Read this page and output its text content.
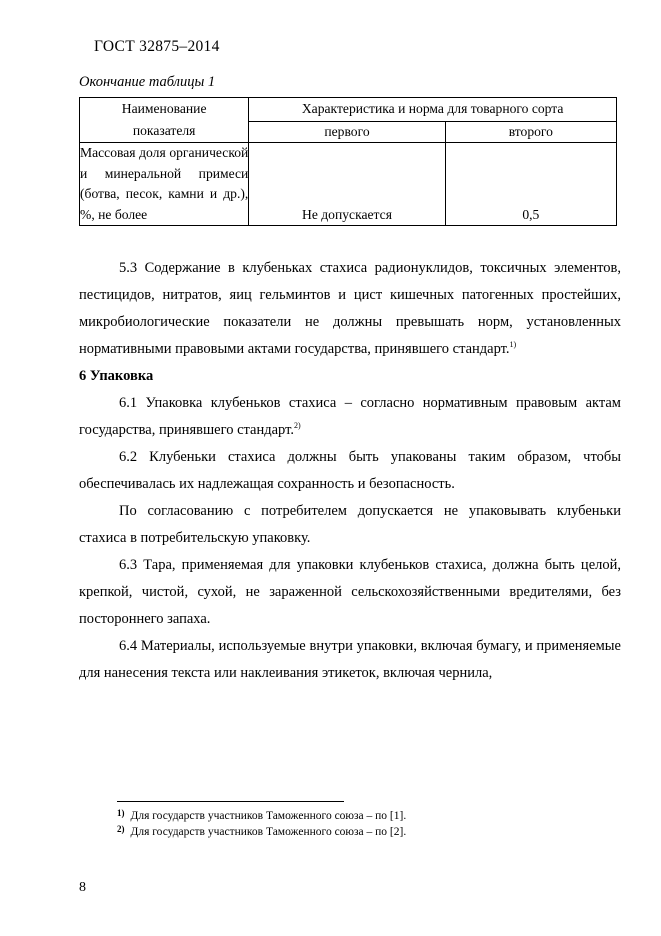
ГОСТ 32875–2014
Окончание таблицы 1
Наименование
показателя	Характеристика и норма для товарного сорта	
	первого	второго
Массовая доля органической и минеральной примеси (ботва, песок, камни и др.), %, не более	Не допускается	0,5

5.3 Содержание в клубеньках стахиса радионуклидов, токсичных элементов, пестицидов, нитратов, яиц гельминтов и цист кишечных патогенных простейших, микробиологические показатели не должны превышать норм, установленных нормативными правовыми актами государства, принявшего стандарт.$^{1)}$

6 Упаковка

6.1 Упаковка клубеньков стахиса – согласно нормативным правовым актам государства, принявшего стандарт.$^{2)}$

6.2 Клубеньки стахиса должны быть упакованы таким образом, чтобы обеспечивалась их надлежащая сохранность и безопасность.

По согласованию с потребителем допускается не упаковывать клубеньки стахиса в потребительскую упаковку.

6.3 Тара, применяемая для упаковки клубеньков стахиса, должна быть целой, крепкой, чистой, сухой, не зараженной сельскохозяйственными вредителями, без постороннего запаха.

6.4 Материалы, используемые внутри упаковки, включая бумагу, и применяемые для нанесения текста или наклеивания этикеток, включая чернила,

$^{1)}$ Для государств участников Таможенного союза – по [1].
$^{2)}$ Для государств участников Таможенного союза – по [2].
8
